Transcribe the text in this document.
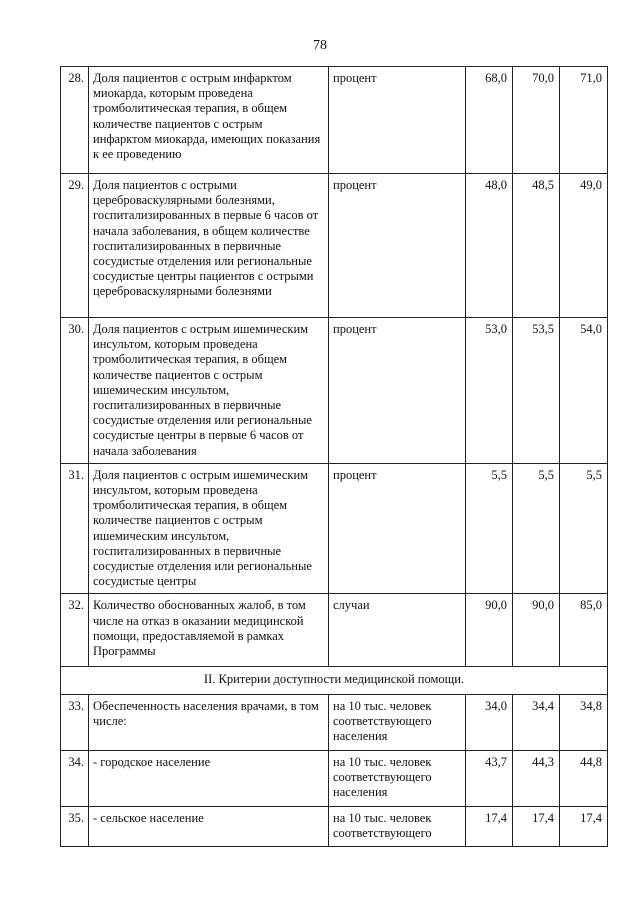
78
28.	Доля пациентов с острым инфарктом миокарда, которым проведена тромболитическая терапия, в общем количестве пациентов с острым инфарктом миокарда, имеющих показания к ее проведению	процент	68,0	70,0	71,0
29.	Доля пациентов с острыми цереброваскулярными болезнями, госпитализированных в первые 6 часов от начала заболевания, в общем количестве госпитализированных в первичные сосудистые отделения или региональные сосудистые центры пациентов с острыми цереброваскулярными болезнями	процент	48,0	48,5	49,0
30.	Доля пациентов с острым ишемическим инсультом, которым проведена тромболитическая терапия, в общем количестве пациентов с острым ишемическим инсультом, госпитализированных в первичные сосудистые отделения или региональные сосудистые центры в первые 6 часов от начала заболевания	процент	53,0	53,5	54,0
31.	Доля пациентов с острым ишемическим инсультом, которым проведена тромболитическая терапия, в общем количестве пациентов с острым ишемическим инсультом, госпитализированных в первичные сосудистые отделения или региональные сосудистые центры	процент	5,5	5,5	5,5
32.	Количество обоснованных жалоб, в том числе на отказ в оказании медицинской помощи, предоставляемой в рамках Программы	случаи	90,0	90,0	85,0
II. Критерии доступности медицинской помощи.					
33.	Обеспеченность населения врачами, в том числе:	на 10 тыс. человек соответствующего населения	34,0	34,4	34,8
34.	- городское население	на 10 тыс. человек соответствующего населения	43,7	44,3	44,8
35.	- сельское население	на 10 тыс. человек соответствующего	17,4	17,4	17,4
